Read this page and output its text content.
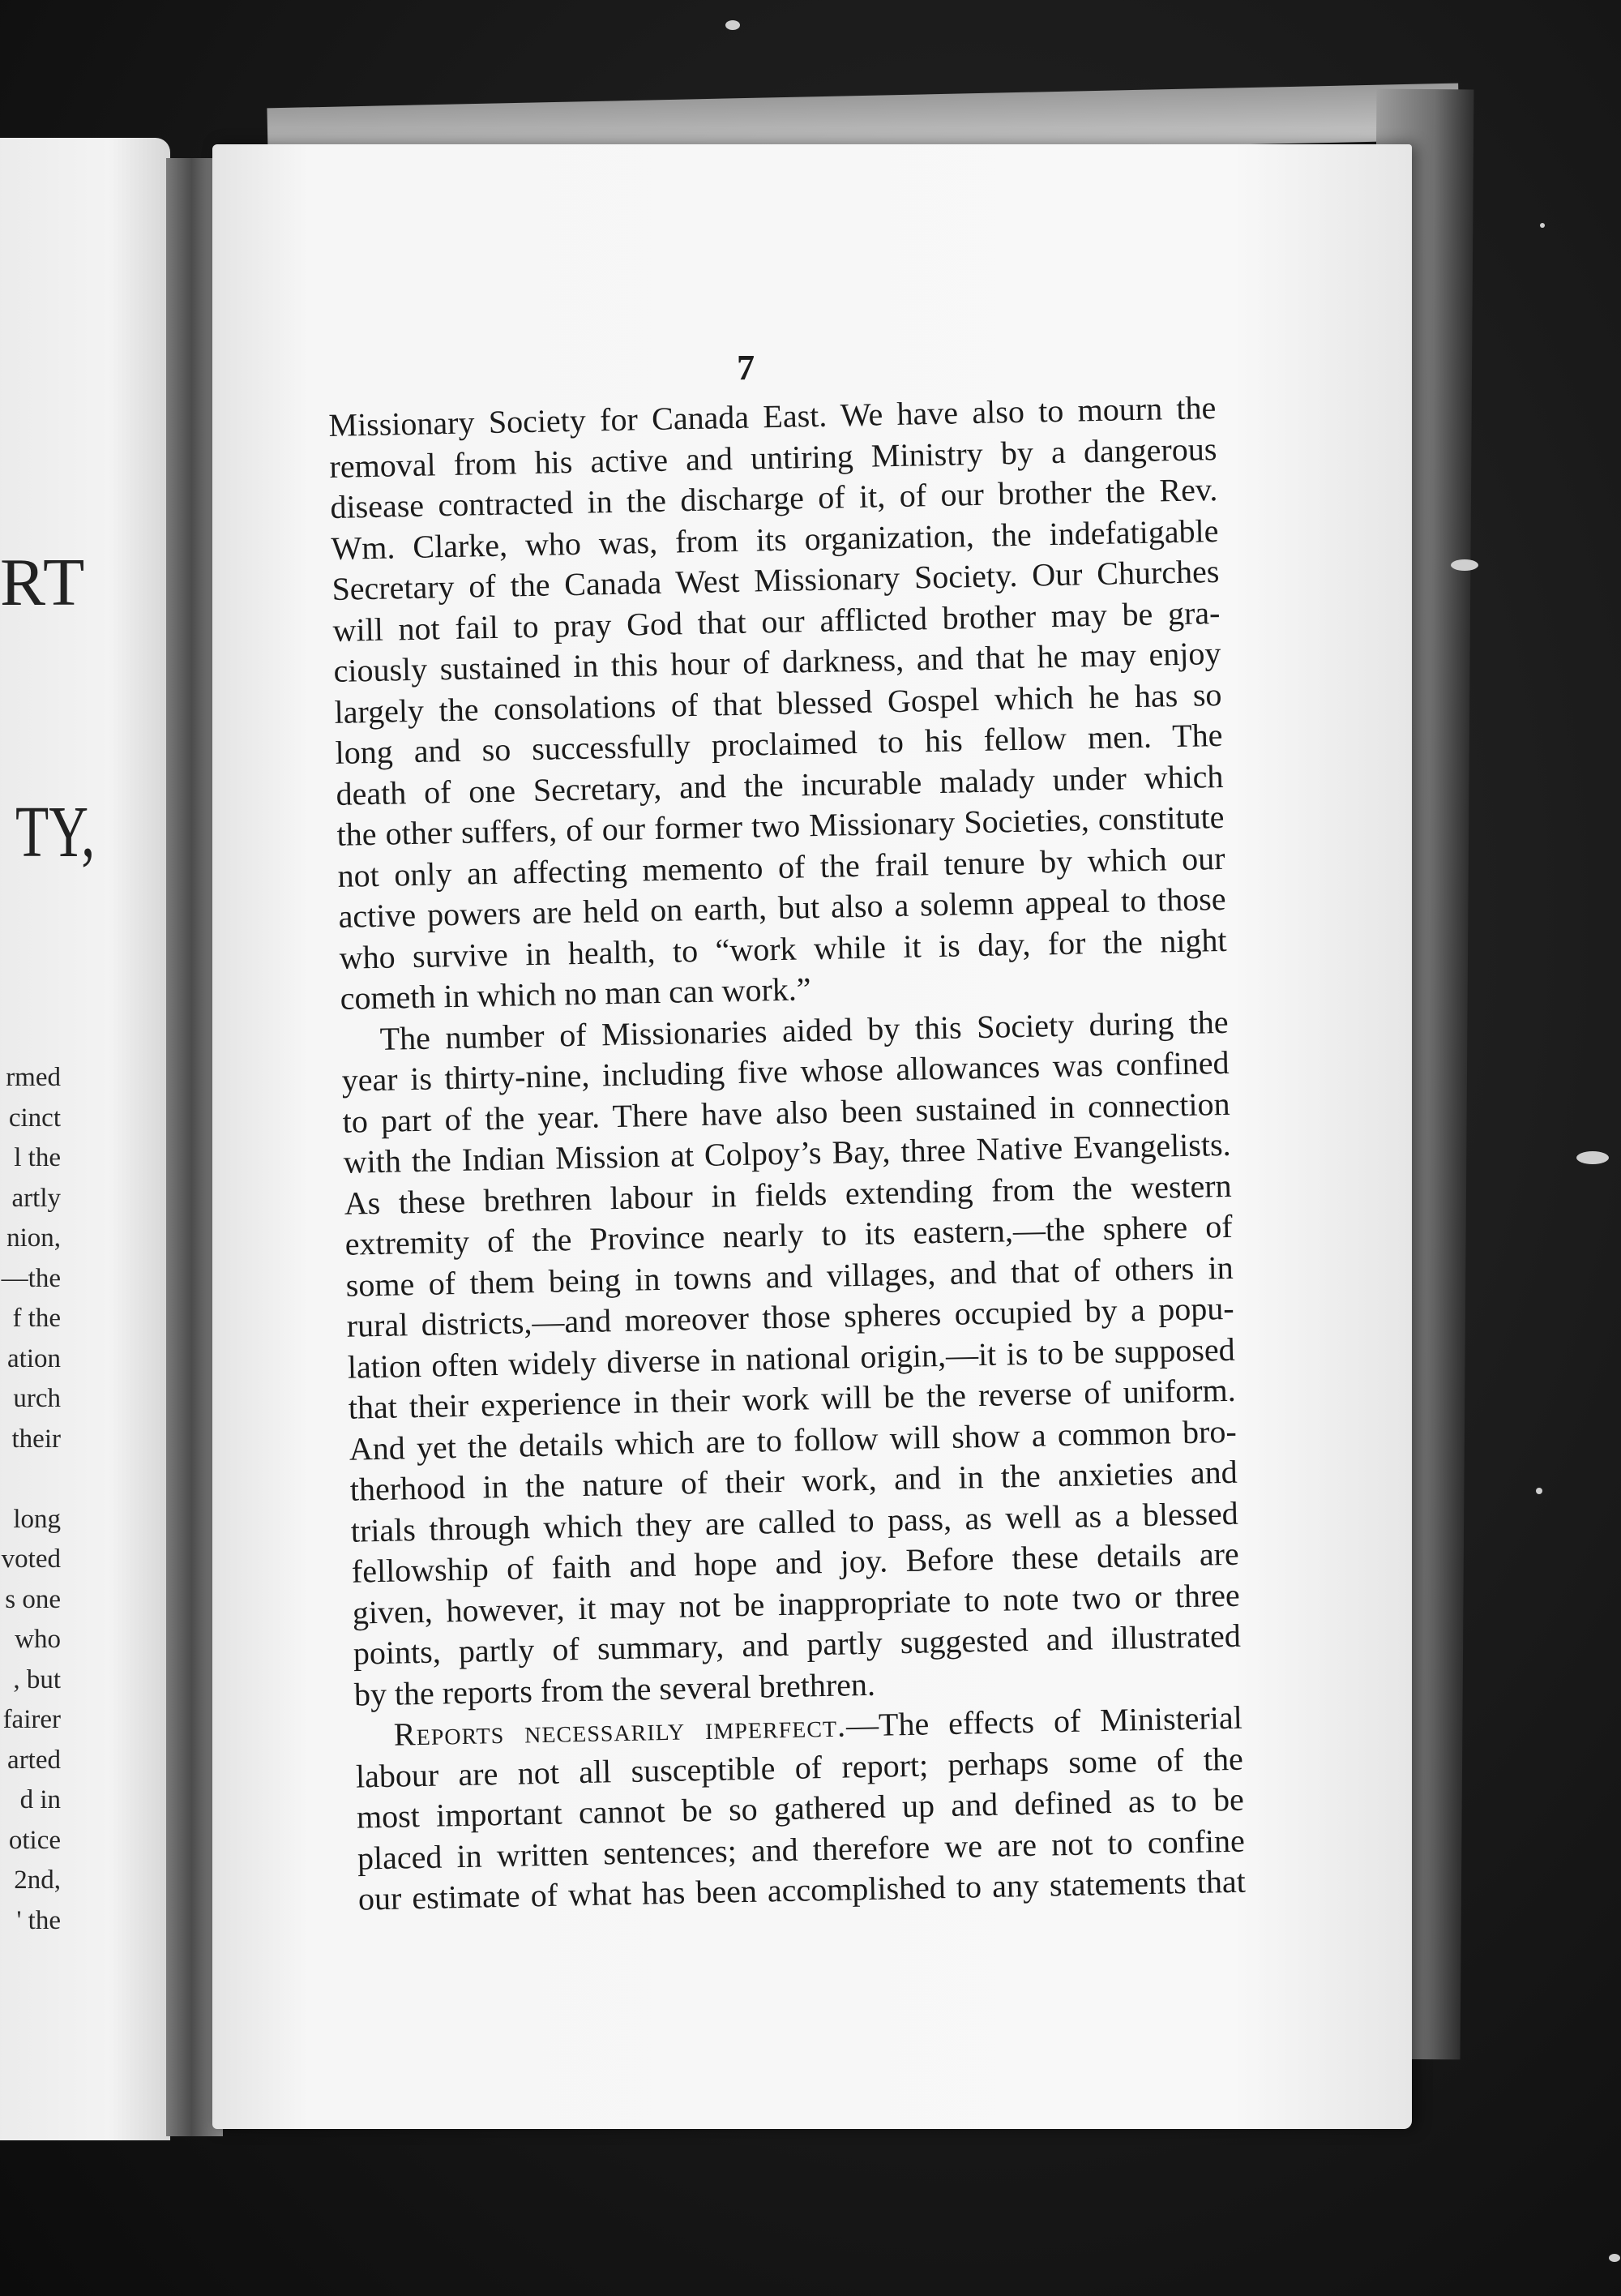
RT
TY,
rmed
cinct
l the
artly
nion,
—the
f the
ation
urch
their
long
voted
s one
who
, but
fairer
arted
d in
otice
2nd,
' the
7
Missionary Society for Canada East. We have also to mourn the
removal from his active and untiring Ministry by a dangerous
disease contracted in the discharge of it, of our brother the Rev.
Wm. Clarke, who was, from its organization, the indefatigable
Secretary of the Canada West Missionary Society. Our Churches
will not fail to pray God that our afflicted brother may be gra-
ciously sustained in this hour of darkness, and that he may enjoy
largely the consolations of that blessed Gospel which he has so
long and so successfully proclaimed to his fellow men. The
death of one Secretary, and the incurable malady under which
the other suffers, of our former two Missionary Societies, constitute
not only an affecting memento of the frail tenure by which our
active powers are held on earth, but also a solemn appeal to those
who survive in health, to “work while it is day, for the night
cometh in which no man can work.”
The number of Missionaries aided by this Society during the
year is thirty-nine, including five whose allowances was confined
to part of the year. There have also been sustained in connection
with the Indian Mission at Colpoy’s Bay, three Native Evangelists.
As these brethren labour in fields extending from the western
extremity of the Province nearly to its eastern,—the sphere of
some of them being in towns and villages, and that of others in
rural districts,—and moreover those spheres occupied by a popu-
lation often widely diverse in national origin,—it is to be supposed
that their experience in their work will be the reverse of uniform.
And yet the details which are to follow will show a common bro-
therhood in the nature of their work, and in the anxieties and
trials through which they are called to pass, as well as a blessed
fellowship of faith and hope and joy. Before these details are
given, however, it may not be inappropriate to note two or three
points, partly of summary, and partly suggested and illustrated
by the reports from the several brethren.
Reports necessarily imperfect.—The effects of Ministerial
labour are not all susceptible of report; perhaps some of the
most important cannot be so gathered up and defined as to be
placed in written sentences; and therefore we are not to confine
our estimate of what has been accomplished to any statements that
